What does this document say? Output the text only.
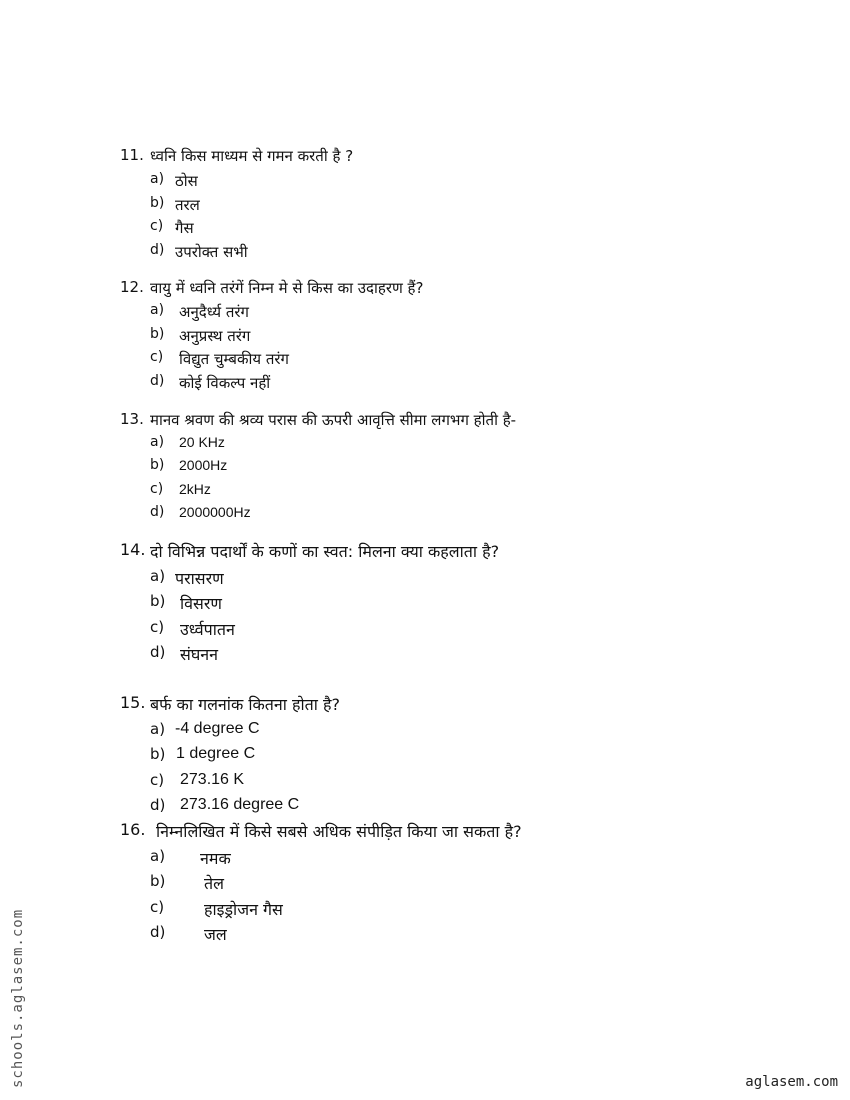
11. ध्वनि किस माध्यम से गमन करती है ?
a) ठोस
b) तरल
c) गैस
d) उपरोक्त सभी
12. वायु में ध्वनि तरंगें निम्न मे से किस का उदाहरण हैं?
a) अनुदैर्ध्य तरंग
b) अनुप्रस्थ तरंग
c) विद्युत चुम्बकीय तरंग
d) कोई विकल्प नहीं
13. मानव श्रवण की श्रव्य परास की ऊपरी आवृत्ति सीमा लगभग होती है-
a) 20 KHz
b) 2000Hz
c) 2kHz
d) 2000000Hz
14. दो विभिन्न पदार्थों के कणों का स्वत: मिलना क्या कहलाता है?
a) परासरण
b) विसरण
c) उर्ध्वपातन
d) संघनन
15. बर्फ का गलनांक कितना होता है?
a) -4 degree C
b) 1 degree C
c) 273.16 K
d) 273.16 degree C
16. निम्नलिखित में किसे सबसे अधिक संपीड़ित किया जा सकता है?
a) नमक
b) तेल
c) हाइड्रोजन गैस
d) जल
schools.aglasem.com	aglasem.com
